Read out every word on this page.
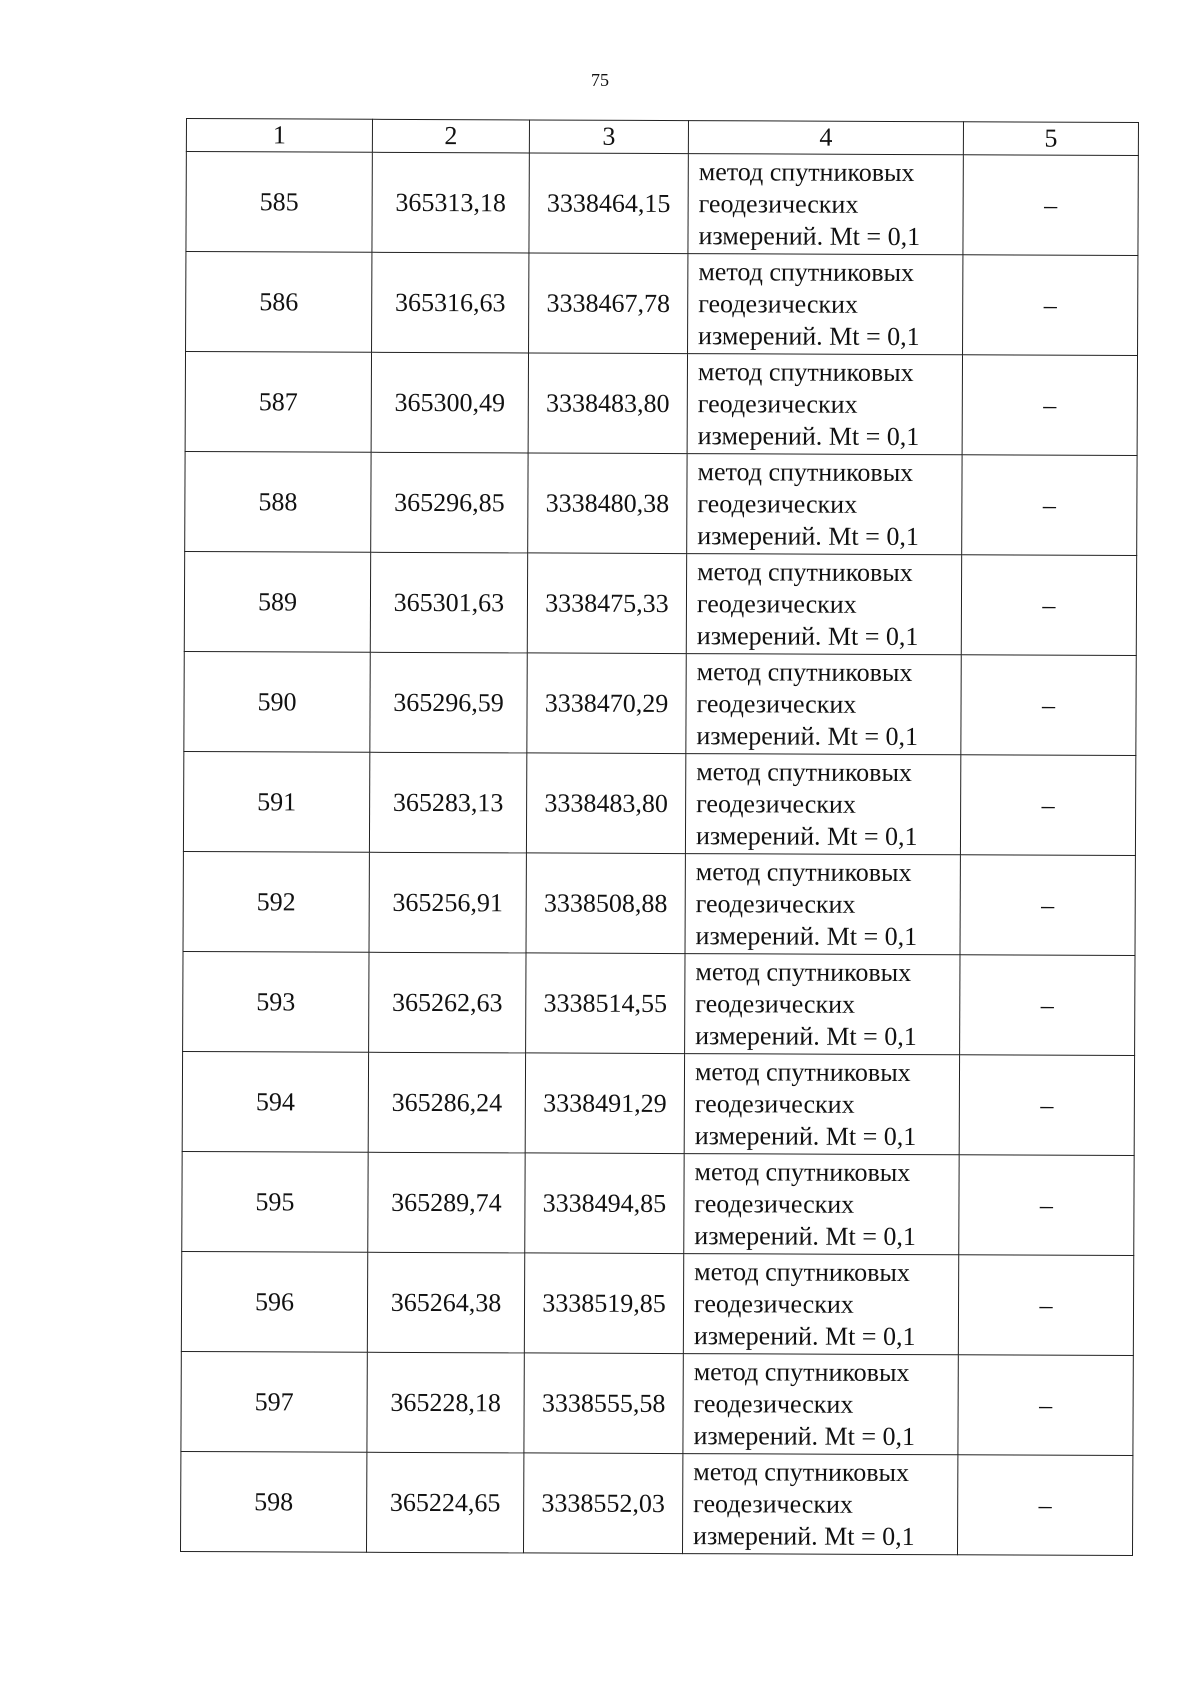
75
1	2	3	4	5
585	365313,18	3338464,15	метод спутниковых
геодезических
измерений. Mt = 0,1	–
586	365316,63	3338467,78	метод спутниковых
геодезических
измерений. Mt = 0,1	–
587	365300,49	3338483,80	метод спутниковых
геодезических
измерений. Mt = 0,1	–
588	365296,85	3338480,38	метод спутниковых
геодезических
измерений. Mt = 0,1	–
589	365301,63	3338475,33	метод спутниковых
геодезических
измерений. Mt = 0,1	–
590	365296,59	3338470,29	метод спутниковых
геодезических
измерений. Mt = 0,1	–
591	365283,13	3338483,80	метод спутниковых
геодезических
измерений. Mt = 0,1	–
592	365256,91	3338508,88	метод спутниковых
геодезических
измерений. Mt = 0,1	–
593	365262,63	3338514,55	метод спутниковых
геодезических
измерений. Mt = 0,1	–
594	365286,24	3338491,29	метод спутниковых
геодезических
измерений. Mt = 0,1	–
595	365289,74	3338494,85	метод спутниковых
геодезических
измерений. Mt = 0,1	–
596	365264,38	3338519,85	метод спутниковых
геодезических
измерений. Mt = 0,1	–
597	365228,18	3338555,58	метод спутниковых
геодезических
измерений. Mt = 0,1	–
598	365224,65	3338552,03	метод спутниковых
геодезических
измерений. Mt = 0,1	–
